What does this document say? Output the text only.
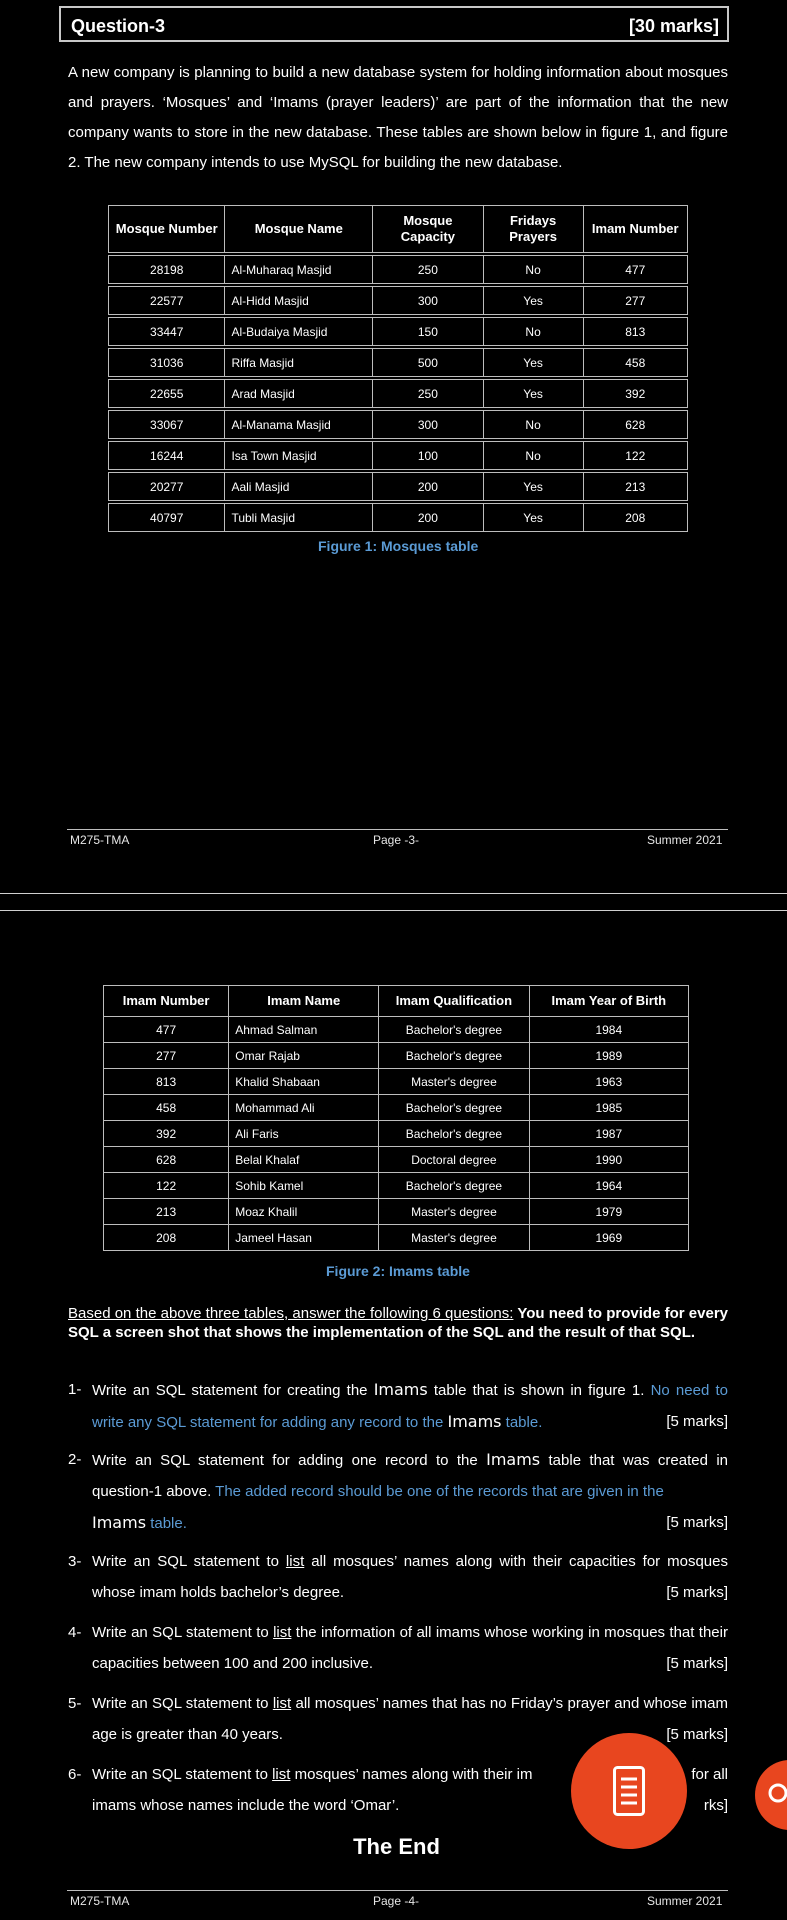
Question-3	[30 marks]
A new company is planning to build a new database system for holding information about mosques and prayers. ‘Mosques’ and ‘Imams (prayer leaders)’ are part of the information that the new company wants to store in the new database. These tables are shown below in figure 1, and figure 2. The new company intends to use MySQL for building the new database.
Mosque Number	Mosque Name	Mosque Capacity	Fridays Prayers	Imam Number
28198	Al-Muharaq Masjid	250	No	477
22577	Al-Hidd Masjid	300	Yes	277
33447	Al-Budaiya Masjid	150	No	813
31036	Riffa Masjid	500	Yes	458
22655	Arad Masjid	250	Yes	392
33067	Al-Manama Masjid	300	No	628
16244	Isa Town Masjid	100	No	122
20277	Aali Masjid	200	Yes	213
40797	Tubli Masjid	200	Yes	208
Figure 1: Mosques table
M275-TMA	Page -3-	Summer 2021
Imam Number	Imam Name	Imam Qualification	Imam Year of Birth
477	Ahmad Salman	Bachelor's degree	1984
277	Omar Rajab	Bachelor's degree	1989
813	Khalid Shabaan	Master's degree	1963
458	Mohammad Ali	Bachelor's degree	1985
392	Ali Faris	Bachelor's degree	1987
628	Belal Khalaf	Doctoral degree	1990
122	Sohib Kamel	Bachelor's degree	1964
213	Moaz Khalil	Master's degree	1979
208	Jameel Hasan	Master's degree	1969
Figure 2: Imams table
Based on the above three tables, answer the following 6 questions: You need to provide for every SQL a screen shot that shows the implementation of the SQL and the result of that SQL.
1- Write an SQL statement for creating the Imams table that is shown in figure 1. No need to write any SQL statement for adding any record to the Imams table.	[5 marks]
2- Write an SQL statement for adding one record to the Imams table that was created in question-1 above. The added record should be one of the records that are given in the
Imams table.	[5 marks]
3- Write an SQL statement to list all mosques’ names along with their capacities for mosques whose imam holds bachelor’s degree.	[5 marks]
4- Write an SQL statement to list the information of all imams whose working in mosques that their capacities between 100 and 200 inclusive.	[5 marks]
5- Write an SQL statement to list all mosques’ names that has no Friday’s prayer and whose imam age is greater than 40 years.	[5 marks]
6- Write an SQL statement to list mosques’ names along with their im	for all

imams whose names include the word ‘Omar’.	rks]
The End
M275-TMA	Page -4-	Summer 2021
